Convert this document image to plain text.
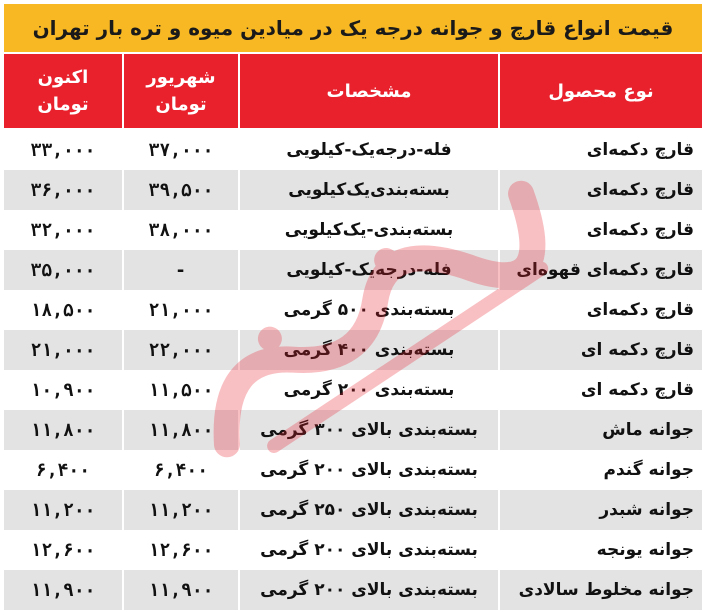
قیمت انواع قارچ و جوانه درجه یک در میادین میوه و تره بار تهران
نوع محصول
مشخصات
شهریور
تومان
اکنون
تومان
قارچ دکمه‌ای
فله-درجه‌یک-کیلویی
۳۷,۰۰۰
۳۳,۰۰۰
قارچ دکمه‌ای
بسته‌بندی‌یک‌کیلویی
۳۹,۵۰۰
۳۶,۰۰۰
قارچ دکمه‌ای
بسته‌بندی-یک‌کیلویی
۳۸,۰۰۰
۳۲,۰۰۰
قارچ دکمه‌ای قهوه‌ای
فله-درجه‌یک-کیلویی
-
۳۵,۰۰۰
قارچ دکمه‌ای
بسته‌بندی ۵۰۰ گرمی
۲۱,۰۰۰
۱۸,۵۰۰
قارچ دکمه ای
بسته‌بندی ۴۰۰ گرمی
۲۲,۰۰۰
۲۱,۰۰۰
قارچ دکمه ای
بسته‌بندی ۲۰۰ گرمی
۱۱,۵۰۰
۱۰,۹۰۰
جوانه ماش
بسته‌بندی بالای ۳۰۰ گرمی
۱۱,۸۰۰
۱۱,۸۰۰
جوانه گندم
بسته‌بندی بالای ۲۰۰ گرمی
۶,۴۰۰
۶,۴۰۰
جوانه شبدر
بسته‌بندی بالای ۲۵۰ گرمی
۱۱,۲۰۰
۱۱,۲۰۰
جوانه یونجه
بسته‌بندی بالای ۲۰۰ گرمی
۱۲,۶۰۰
۱۲,۶۰۰
جوانه مخلوط سالادی
بسته‌بندی بالای ۲۰۰ گرمی
۱۱,۹۰۰
۱۱,۹۰۰
